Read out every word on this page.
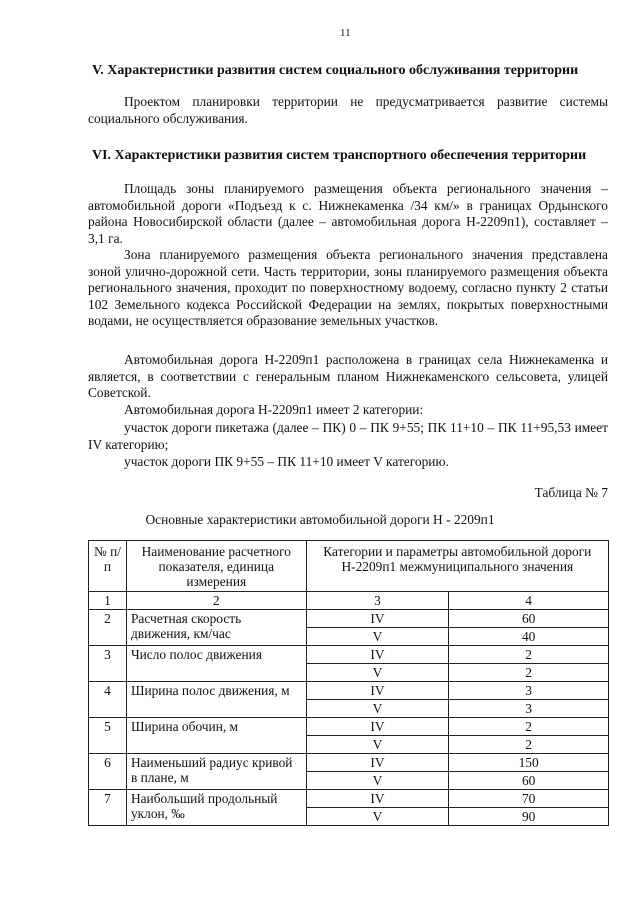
11
V. Характеристики развития систем социального обслуживания территории
Проектом планировки территории не предусматривается развитие системы социального обслуживания.
VI. Характеристики развития систем транспортного обеспечения территории
Площадь зоны планируемого размещения объекта регионального значения – автомобильной дороги «Подъезд к с. Нижнекаменка /34 км/» в границах Ордынского района Новосибирской области (далее – автомобильная дорога Н-2209п1), составляет – 3,1 га.
Зона планируемого размещения объекта регионального значения представлена зоной улично-дорожной сети. Часть территории, зоны планируемого размещения объекта регионального значения, проходит по поверхностному водоему, согласно пункту 2 статьи 102 Земельного кодекса Российской Федерации на землях, покрытых поверхностными водами, не осуществляется образование земельных участков.
Автомобильная дорога Н-2209п1 расположена в границах села Нижнекаменка и является, в соответствии с генеральным планом Нижнекаменского сельсовета, улицей Советской.
Автомобильная дорога Н-2209п1 имеет 2 категории:
участок дороги пикетажа (далее – ПК) 0 – ПК 9+55; ПК 11+10 – ПК 11+95,53 имеет IV категорию;
участок дороги ПК 9+55 – ПК 11+10 имеет V категорию.
Таблица № 7
Основные характеристики автомобильной дороги Н - 2209п1
№ п/п	Наименование расчетного показателя, единица измерения	Категории и параметры автомобильной дороги Н-2209п1 межмуниципального значения	
1	2	3	4
2	Расчетная скорость движения, км/час	IV	60
		V	40
3	Число полос движения	IV	2
		V	2
4	Ширина полос движения, м	IV	3
		V	3
5	Ширина обочин, м	IV	2
		V	2
6	Наименьший радиус кривой в плане, м	IV	150
		V	60
7	Наибольший продольный уклон, ‰	IV	70
		V	90
